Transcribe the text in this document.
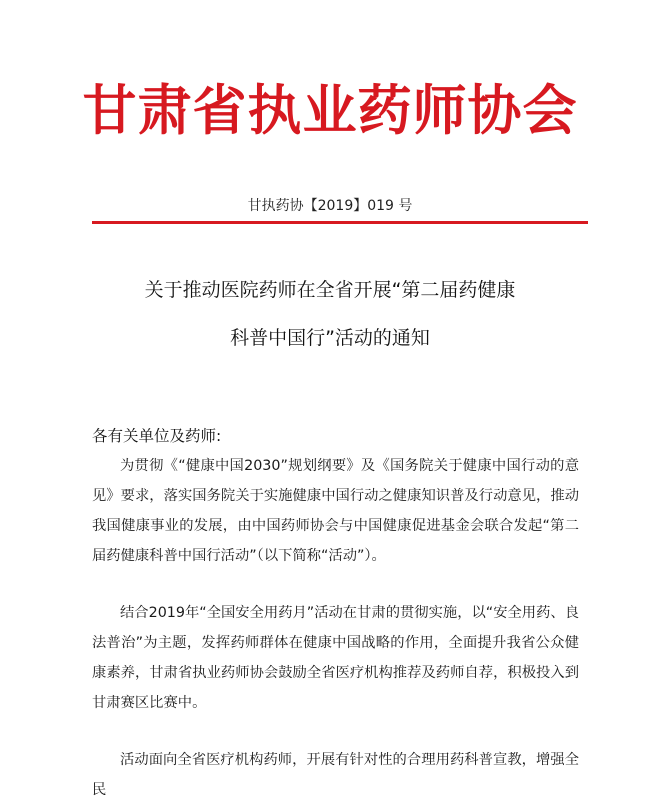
甘肃省执业药师协会
甘执药协【2019】019 号
关于推动医院药师在全省开展“第二届药健康
科普中国行”活动的通知
各有关单位及药师:

为贯彻《“健康中国2030”规划纲要》及《国务院关于健康中国行动的意见》要求，落实国务院关于实施健康中国行动之健康知识普及行动意见，推动我国健康事业的发展，由中国药师协会与中国健康促进基金会联合发起“第二届药健康科普中国行活动”（以下简称“活动”）。

结合2019年“全国安全用药月”活动在甘肃的贯彻实施，以“安全用药、良法普治”为主题，发挥药师群体在健康中国战略的作用，全面提升我省公众健康素养，甘肃省执业药师协会鼓励全省医疗机构推荐及药师自荐，积极投入到甘肃赛区比赛中。

活动面向全省医疗机构药师，开展有针对性的合理用药科普宣教，增强全民
